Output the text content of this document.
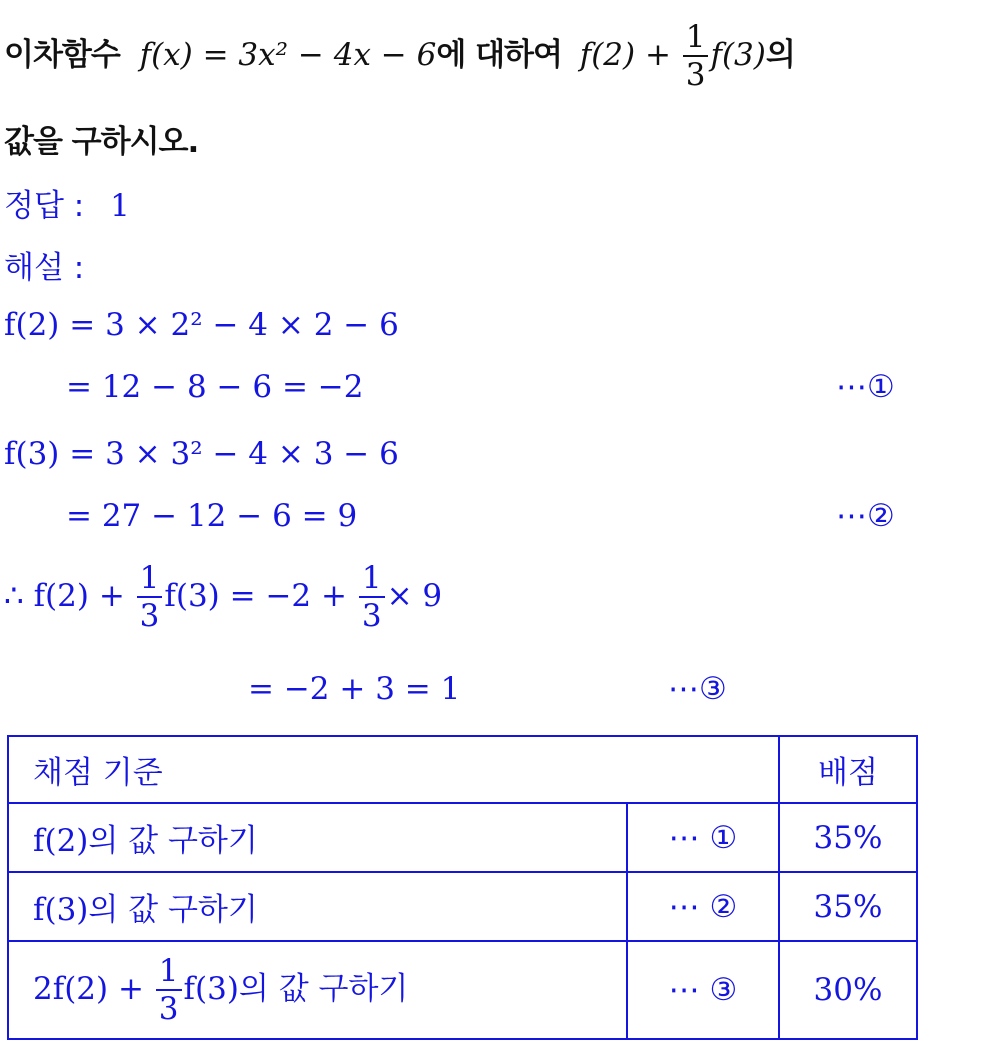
이차함수 f(x) = 3x² − 4x − 6에 대하여 $f(2) + \frac{1}{3} f(3)$의
값을 구하시오.
정답 : 1
해설 :
f(2) = 3 × 2² − 4 × 2 − 6
= 12 − 8 − 6 = −2	⋯①
f(3) = 3 × 3² − 4 × 3 − 6
= 27 − 12 − 6 = 9	⋯②
∴ $f(2) + \frac{1}{3} f(3) = -2 + \frac{1}{3} \times 9$
= −2 + 3 = 1	⋯③
채점 기준		배점
f(2)의 값 구하기	⋯ ①	35%
f(3)의 값 구하기	⋯ ②	35%
$2f(2) + \frac{1}{3} f(3)$의 값 구하기	⋯ ③	30%
